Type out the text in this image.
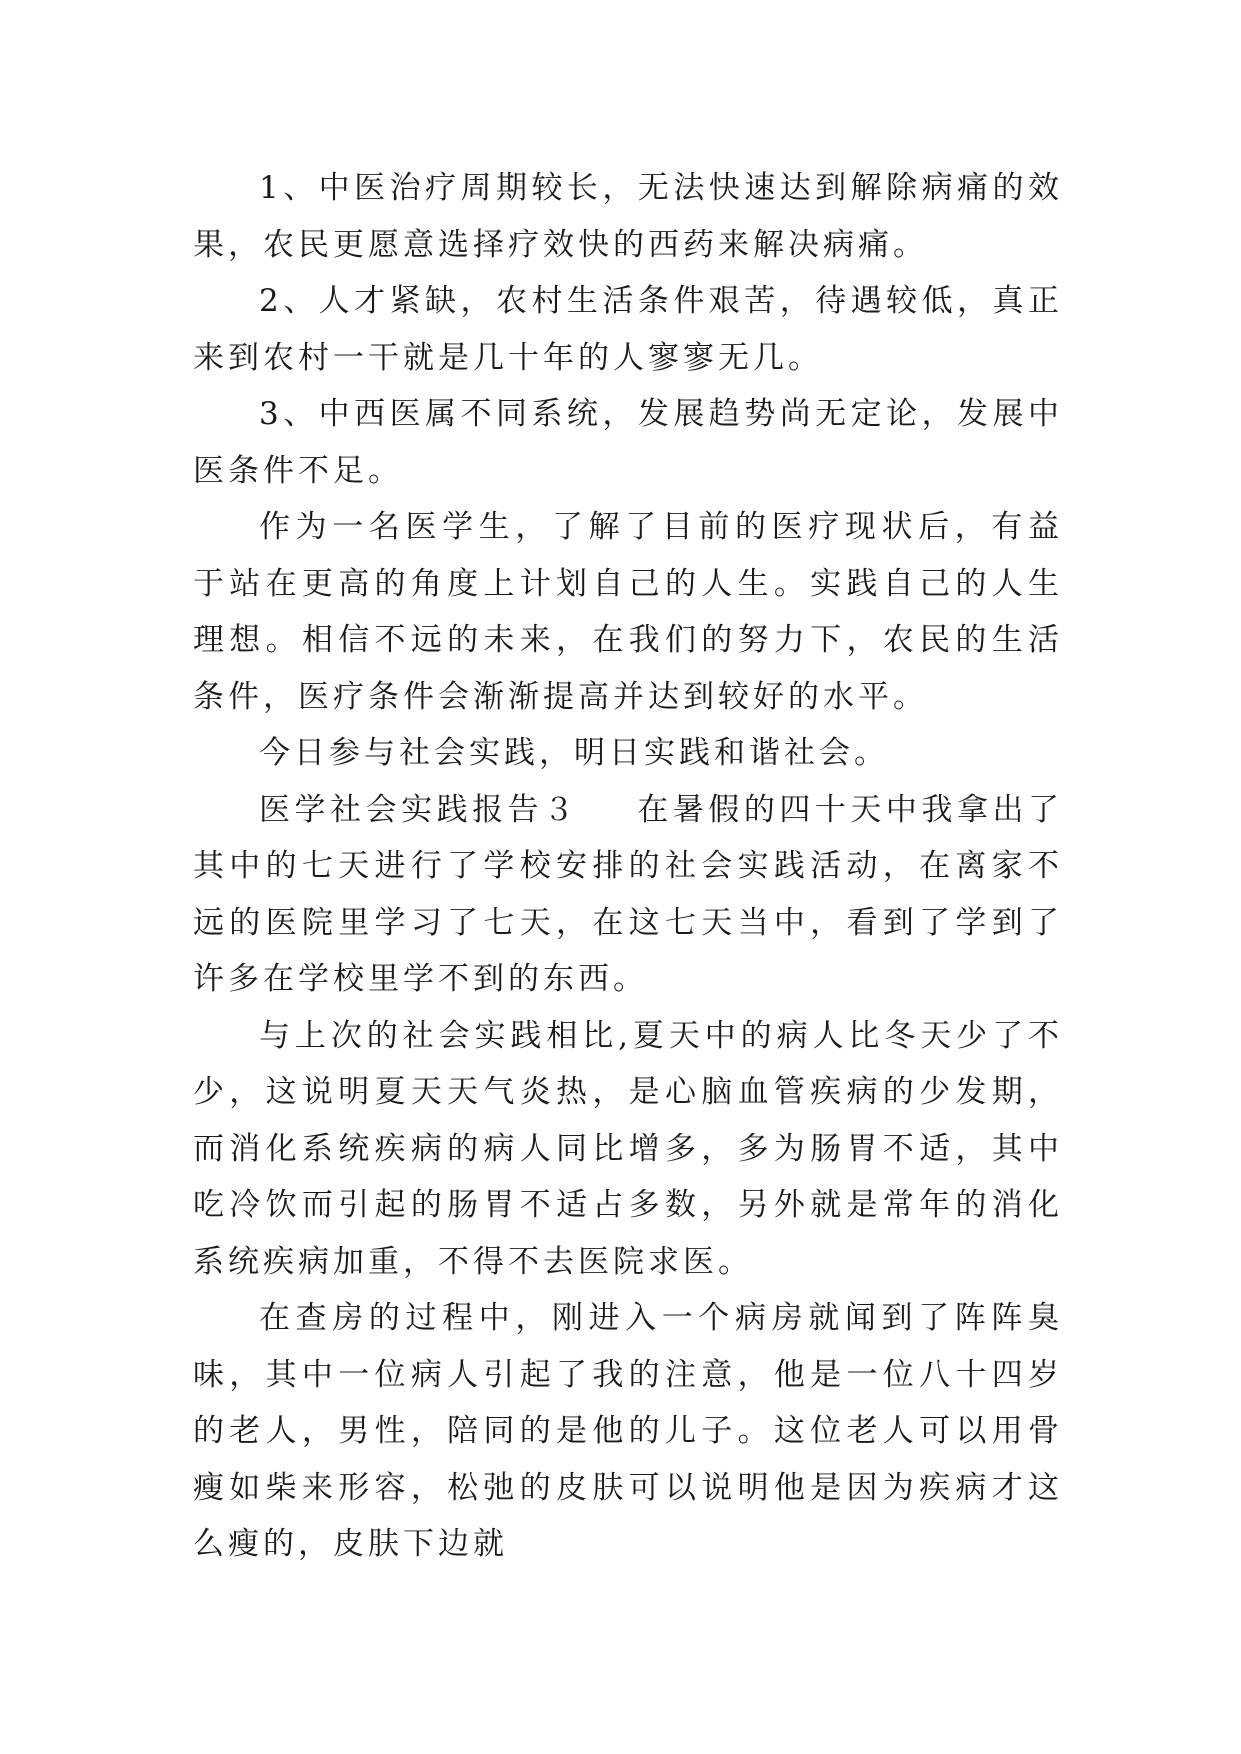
1、中医治疗周期较长，无法快速达到解除病痛的效果，农民更愿意选择疗效快的西药来解决病痛。

2、人才紧缺，农村生活条件艰苦，待遇较低，真正来到农村一干就是几十年的人寥寥无几。

3、中西医属不同系统，发展趋势尚无定论，发展中医条件不足。

作为一名医学生，了解了目前的医疗现状后，有益于站在更高的角度上计划自己的人生。实践自己的人生理想。相信不远的未来，在我们的努力下，农民的生活条件，医疗条件会渐渐提高并达到较好的水平。

今日参与社会实践，明日实践和谐社会。

医学社会实践报告３ 在暑假的四十天中我拿出了其中的七天进行了学校安排的社会实践活动，在离家不远的医院里学习了七天，在这七天当中，看到了学到了许多在学校里学不到的东西。

与上次的社会实践相比,夏天中的病人比冬天少了不少，这说明夏天天气炎热，是心脑血管疾病的少发期，而消化系统疾病的病人同比增多，多为肠胃不适，其中吃冷饮而引起的肠胃不适占多数，另外就是常年的消化系统疾病加重，不得不去医院求医。

在查房的过程中，刚进入一个病房就闻到了阵阵臭味，其中一位病人引起了我的注意，他是一位八十四岁的老人，男性，陪同的是他的儿子。这位老人可以用骨瘦如柴来形容，松弛的皮肤可以说明他是因为疾病才这么瘦的，皮肤下边就
